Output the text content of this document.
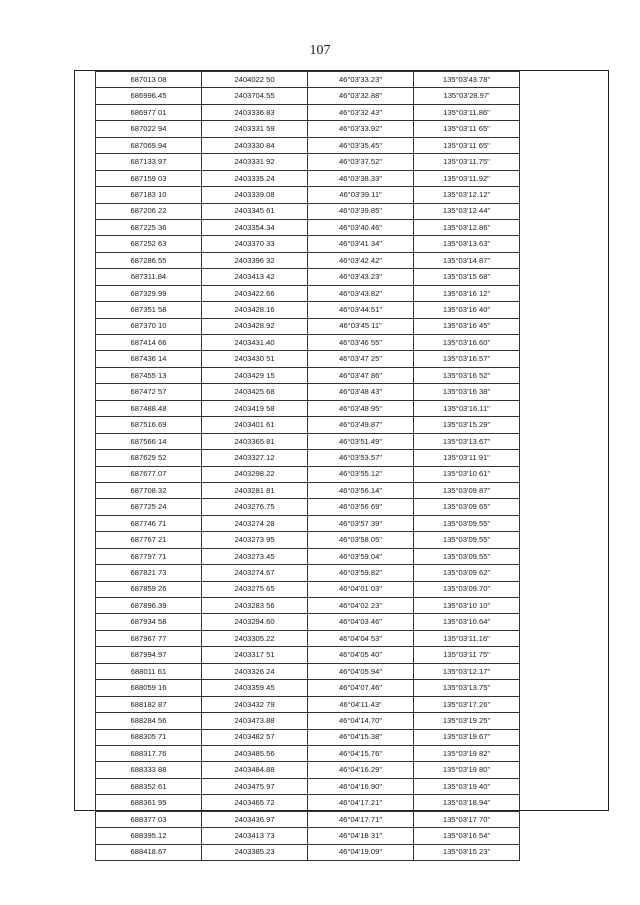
107
687013 08	2404022 50	46°03'33.23"	135°03'43.78"
686996.45	2403704.55	46°03'32.88"	135°03'28.97'
686977 01	2403336 83	46°03'32 43"	135°03'11.86"
687022 94	2403331 59	46°03'33.92"	135°03'11 65"
687069.94	2403330 84	46°03'35.45"	135°03'11 65"
687133.97	2403331 92	46°03'37.52"	135°03'11.75"
687159 03	2403335.24	46°03'38.33"	135°03'11.92"
687183 10	2403339.08	46°03'39.11"	135°03'12.12"
687206 22	2403345 61	46°03'39.85"	135°03'12 44"
687225 36	2403354.34	46°03'40.46"	135°03'12.86"
687252 63	2403370 33	46°03'41 34"	135°03'13.63"
687286.55	2403396 32	46°03'42 42"	135°03'14 87"
687311.84	2403413 42	46°03'43.23"	135°03'15 68"
687329.99	2403422.66	46°03'43.82"	135°03'16 12"
687351 58	2403428.16	46°03'44.51"	135°03'16 40"
687370 10	2403428.92	46°03'45 11"	135°03'16 45"
687414 66	2403431.40	46°03'46 55"	135°03'16.60"
687436 14	2403430 51	46°03'47 25"	135°03'16.57"
687455 13	2403429 15	46°03'47 86"	135°03'16 52"
687472 57	2403425 68	46°03'48 43"	135°03'16 38"
687488.48	2403419 58	46°03'48 95"	135°03'16.11"
687516.69	2403401 61	46°03'49.87"	135°03'15.29"
687566 14	2403365 81	46°03'51.49"	135°03'13.67"
687629 52	2403327.12	46°03'53.57"	135°03'11 91"
687677.07	2403298.22	46°03'55.12"	135°03'10 61"
687708.32	2403281 81	46°03'56.14"	135°03'09 87"
687725 24	2403276.75	46°03'56 69"	135°03'09 65"
687746 71	2403274 28	46°03'57 39"	135°03'09.55"
687767 21	2403273 95	46°03'58 05"	135°03'09.55"
687797 71	2403273.45	46°03'59.04"	135°03'09.55"
687821 73	2403274.67	46°03'59.82"	135°03'09 62"
687859 26	2403275 65	46°04'01 03"	135°03'09.70"
687896.39	2403283 56	46°04'02 23"	135°03'10 10"
687934 58	2403294.60	46°04'03 46"	135°03'10.64"
687967 77	2403305.22	46°04'04 53"	135°03'11.16"
687994.97	2403317 51	46°04'05 40"	135°03'11 75"
688011 61	2403326 24	46°04'05.94"	135°03'12.17"
688059 16	2403359 45	46°04'07.46"	135°03'13.75"
688182 87	2403432 79	46°04'11.43"	135°03'17.26"
688284 56	2403473.88	46°04'14.70"	135°03'19 25"
688305 71	2403482 57	46°04'15.38"	135°03'19.67"
688317.76	2403485.56	46°04'15.76"	135°03'19 82"
688333 88	2403484.88	46°04'16.29"	135°03'19 80"
688352 61	2403475.97	46°04'16.90"	135°03'19 40"
688361 95	2403465 72	46°04'17.21"	135°03'18.94"
688377 03	2403436.97	46°04'17.71"	135°03'17 70"
688395.12	2403413 73	46°04'18 31"	135°03'16 54"
688418.67	2403385.23	46°04'19.09"	135°03'15 23"
